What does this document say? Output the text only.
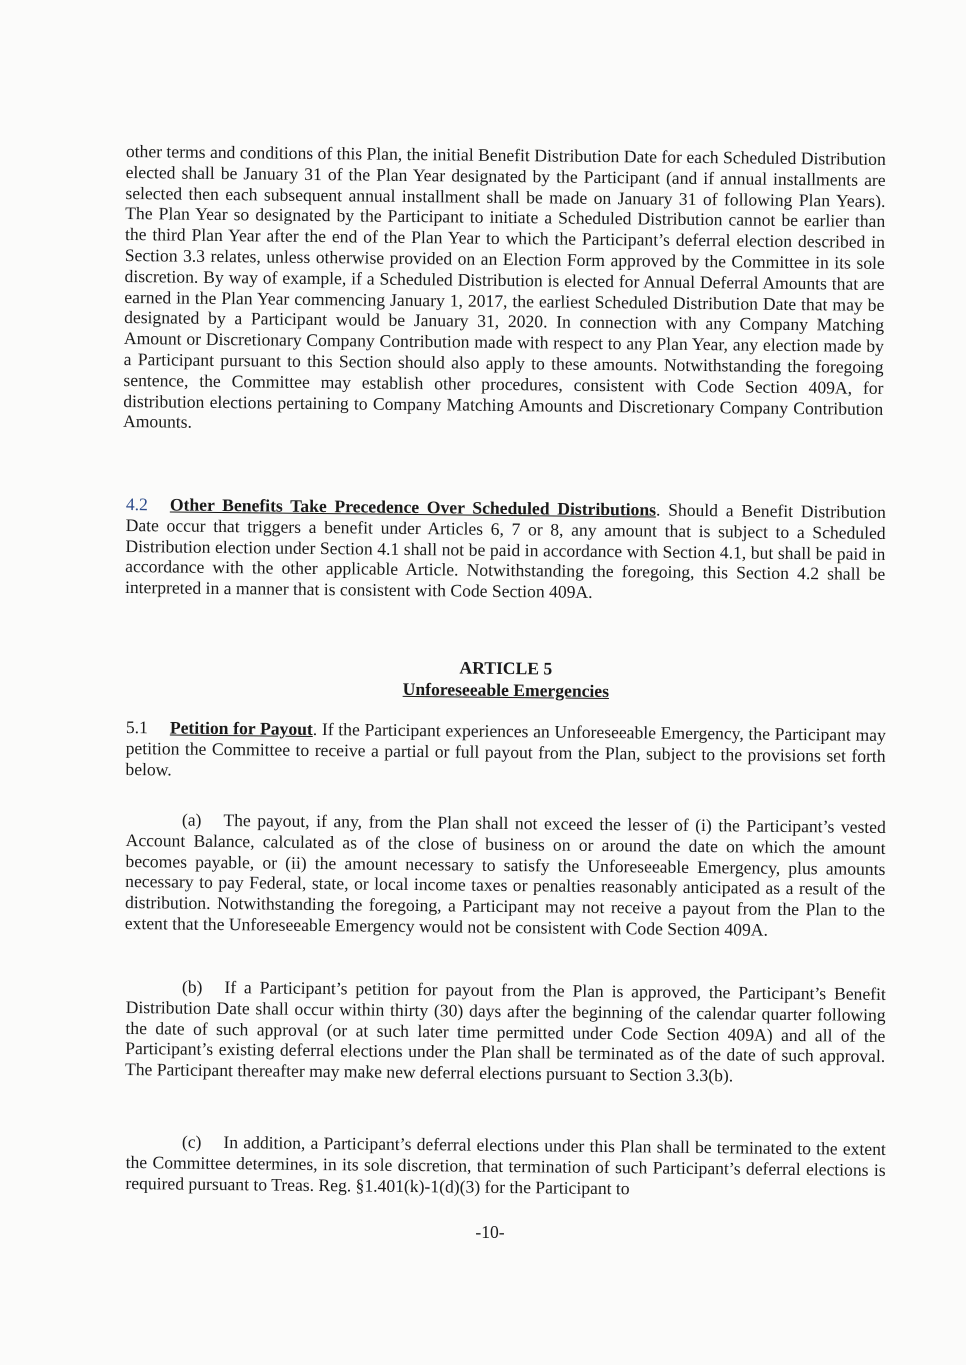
other terms and conditions of this Plan, the initial Benefit Distribution Date for each Scheduled Distribution elected shall be January 31 of the Plan Year designated by the Participant (and if annual installments are selected then each subsequent annual installment shall be made on January 31 of following Plan Years). The Plan Year so designated by the Participant to initiate a Scheduled Distribution cannot be earlier than the third Plan Year after the end of the Plan Year to which the Participant’s deferral election described in Section 3.3 relates, unless otherwise provided on an Election Form approved by the Committee in its sole discretion. By way of example, if a Scheduled Distribution is elected for Annual Deferral Amounts that are earned in the Plan Year commencing January 1, 2017, the earliest Scheduled Distribution Date that may be designated by a Participant would be January 31, 2020. In connection with any Company Matching Amount or Discretionary Company Contribution made with respect to any Plan Year, any election made by a Participant pursuant to this Section should also apply to these amounts. Notwithstanding the foregoing sentence, the Committee may establish other procedures, consistent with Code Section 409A, for distribution elections pertaining to Company Matching Amounts and Discretionary Company Contribution Amounts.

4.2 Other Benefits Take Precedence Over Scheduled Distributions. Should a Benefit Distribution Date occur that triggers a benefit under Articles 6, 7 or 8, any amount that is subject to a Scheduled Distribution election under Section 4.1 shall not be paid in accordance with Section 4.1, but shall be paid in accordance with the other applicable Article. Notwithstanding the foregoing, this Section 4.2 shall be interpreted in a manner that is consistent with Code Section 409A.

ARTICLE 5
Unforeseeable Emergencies

5.1 Petition for Payout. If the Participant experiences an Unforeseeable Emergency, the Participant may petition the Committee to receive a partial or full payout from the Plan, subject to the provisions set forth below.

(a) The payout, if any, from the Plan shall not exceed the lesser of (i) the Participant’s vested Account Balance, calculated as of the close of business on or around the date on which the amount becomes payable, or (ii) the amount necessary to satisfy the Unforeseeable Emergency, plus amounts necessary to pay Federal, state, or local income taxes or penalties reasonably anticipated as a result of the distribution. Notwithstanding the foregoing, a Participant may not receive a payout from the Plan to the extent that the Unforeseeable Emergency would not be consistent with Code Section 409A.

(b) If a Participant’s petition for payout from the Plan is approved, the Participant’s Benefit Distribution Date shall occur within thirty (30) days after the beginning of the calendar quarter following the date of such approval (or at such later time permitted under Code Section 409A) and all of the Participant’s existing deferral elections under the Plan shall be terminated as of the date of such approval. The Participant thereafter may make new deferral elections pursuant to Section 3.3(b).

(c) In addition, a Participant’s deferral elections under this Plan shall be terminated to the extent the Committee determines, in its sole discretion, that termination of such Participant’s deferral elections is required pursuant to Treas. Reg. §1.401(k)-1(d)(3) for the Participant to

-10-
